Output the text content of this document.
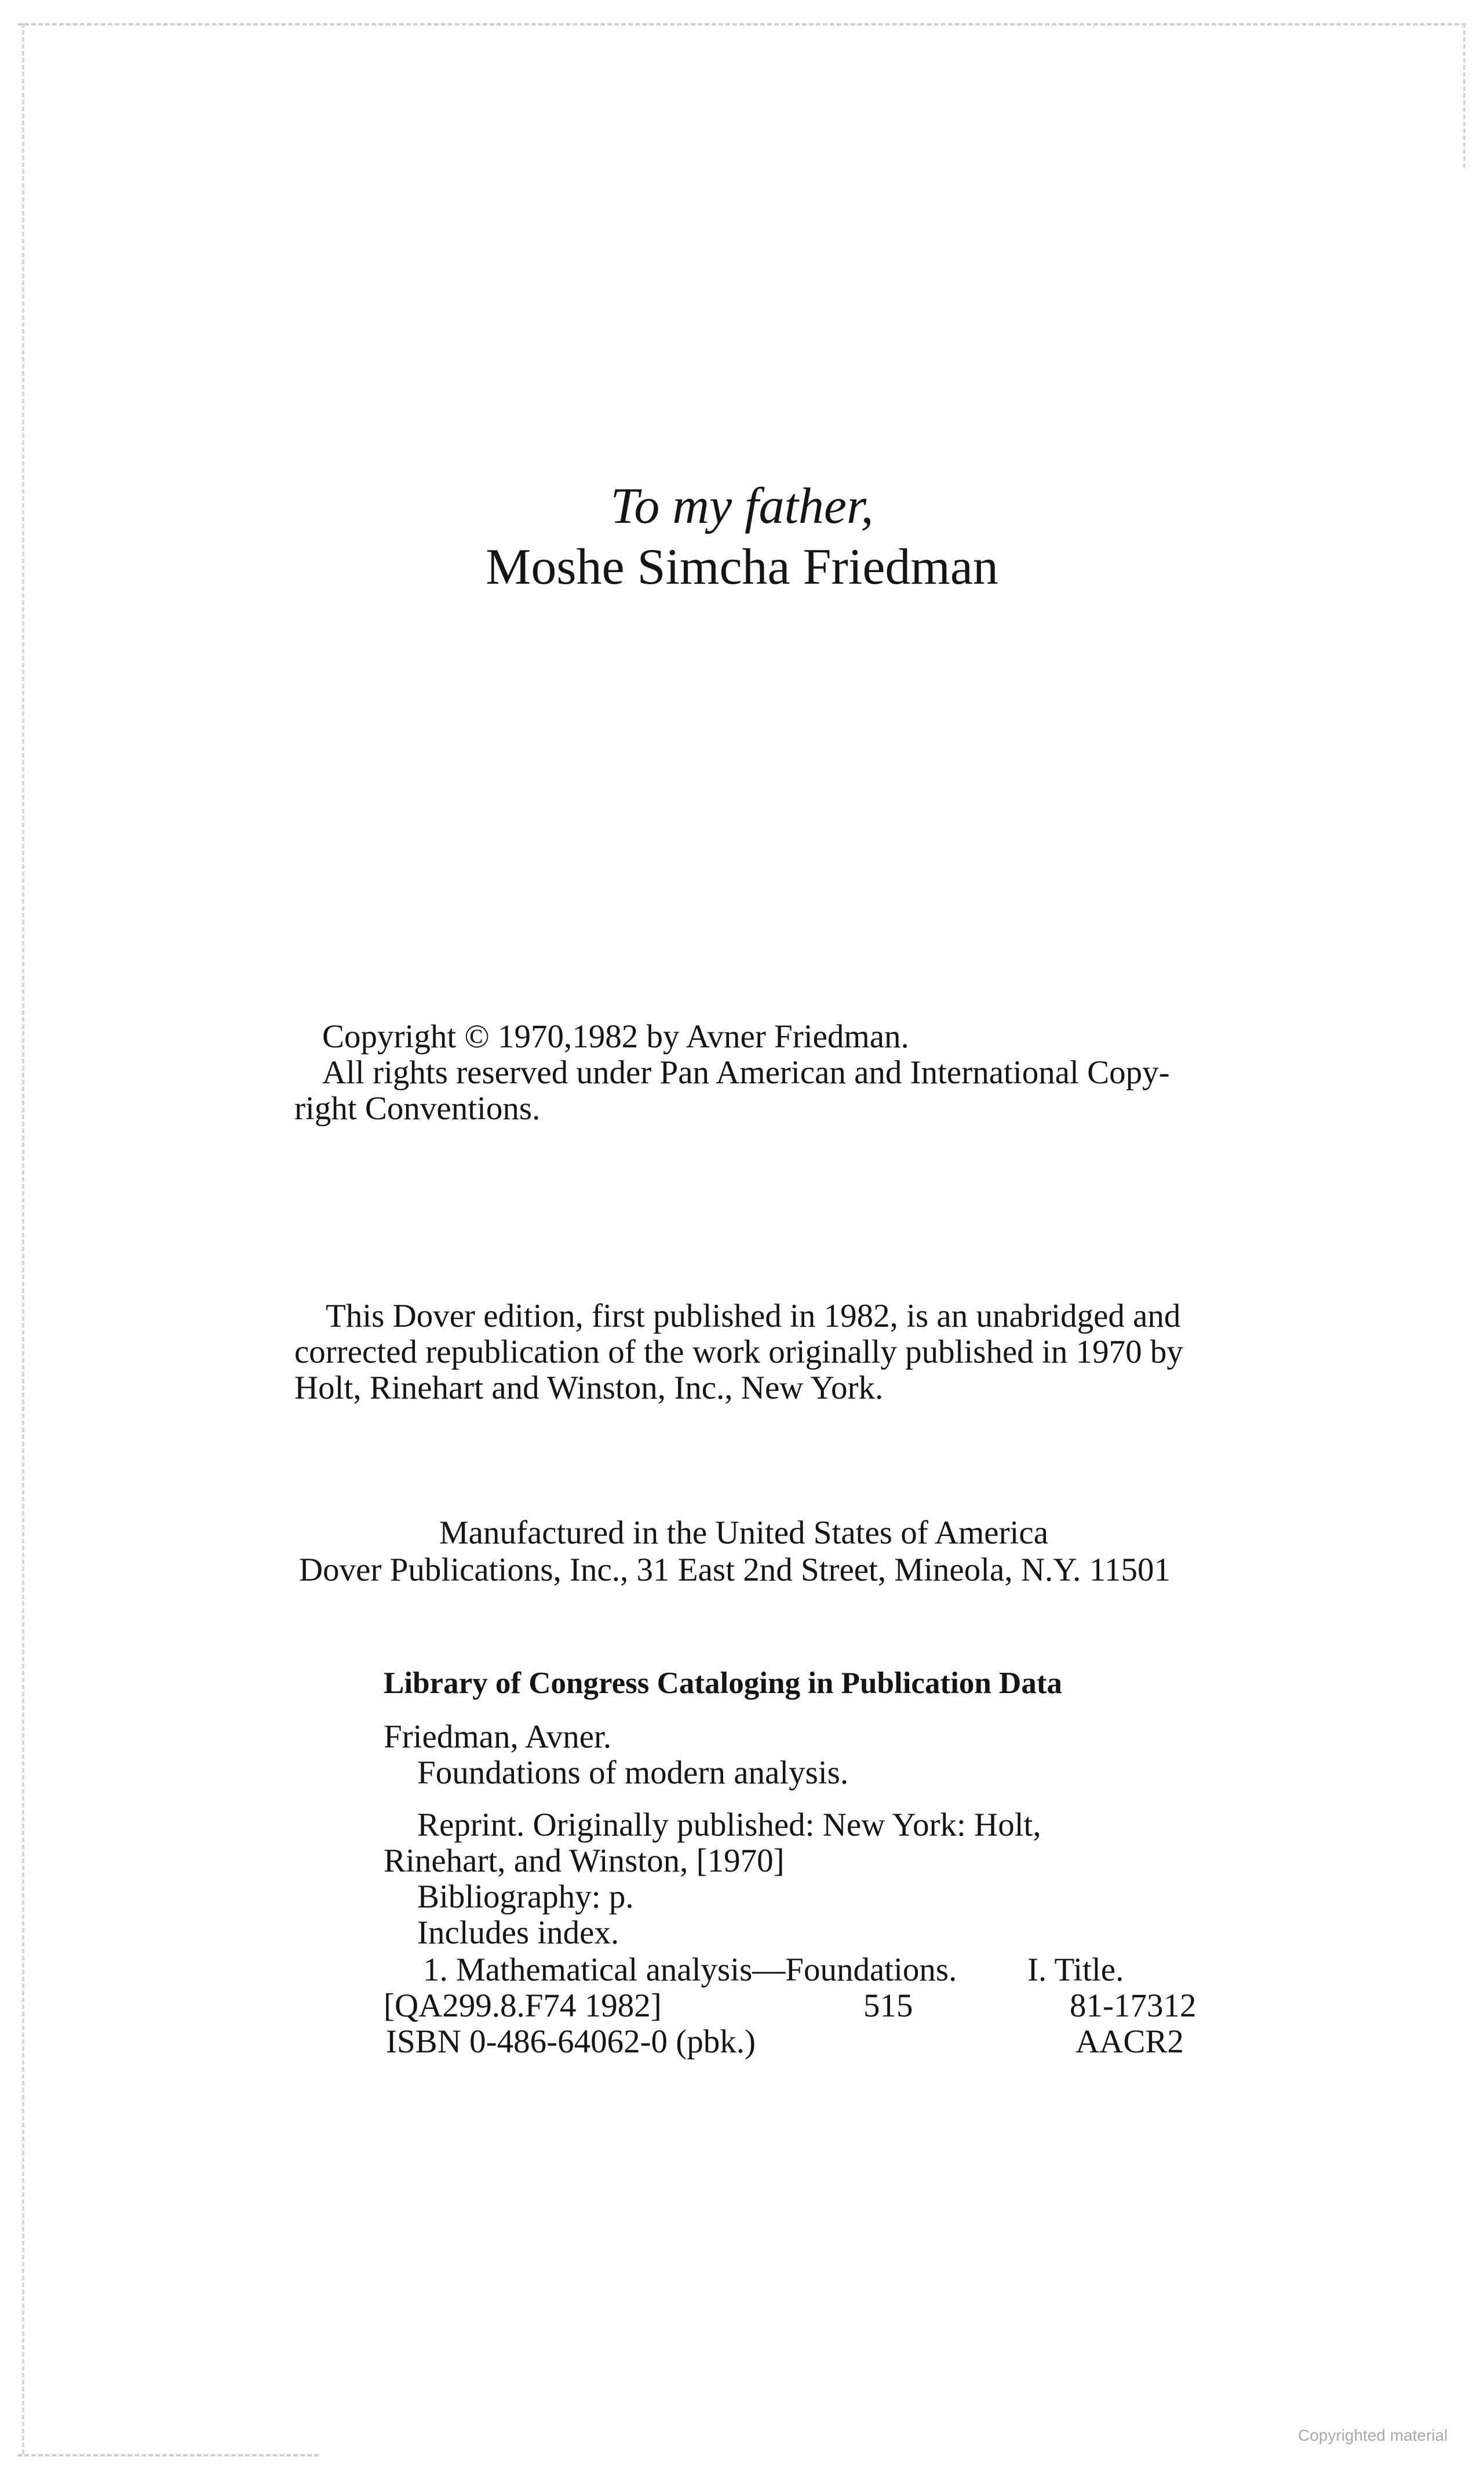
To my father,

Moshe Simcha Friedman

Copyright © 1970,1982 by Avner Friedman.

All rights reserved under Pan American and International Copy-

right Conventions.

This Dover edition, first published in 1982, is an unabridged and

corrected republication of the work originally published in 1970 by

Holt, Rinehart and Winston, Inc., New York.

Manufactured in the United States of America

Dover Publications, Inc., 31 East 2nd Street, Mineola, N.Y. 11501

Library of Congress Cataloging in Publication Data

Friedman, Avner.

Foundations of modern analysis.

Reprint. Originally published: New York: Holt,

Rinehart, and Winston, [1970]

Bibliography: p.

Includes index.

1. Mathematical analysis—Foundations. I. Title.

[QA299.8.F74 1982]	515	81-17312

ISBN 0-486-64062-0 (pbk.)	AACR2

Copyrighted material
